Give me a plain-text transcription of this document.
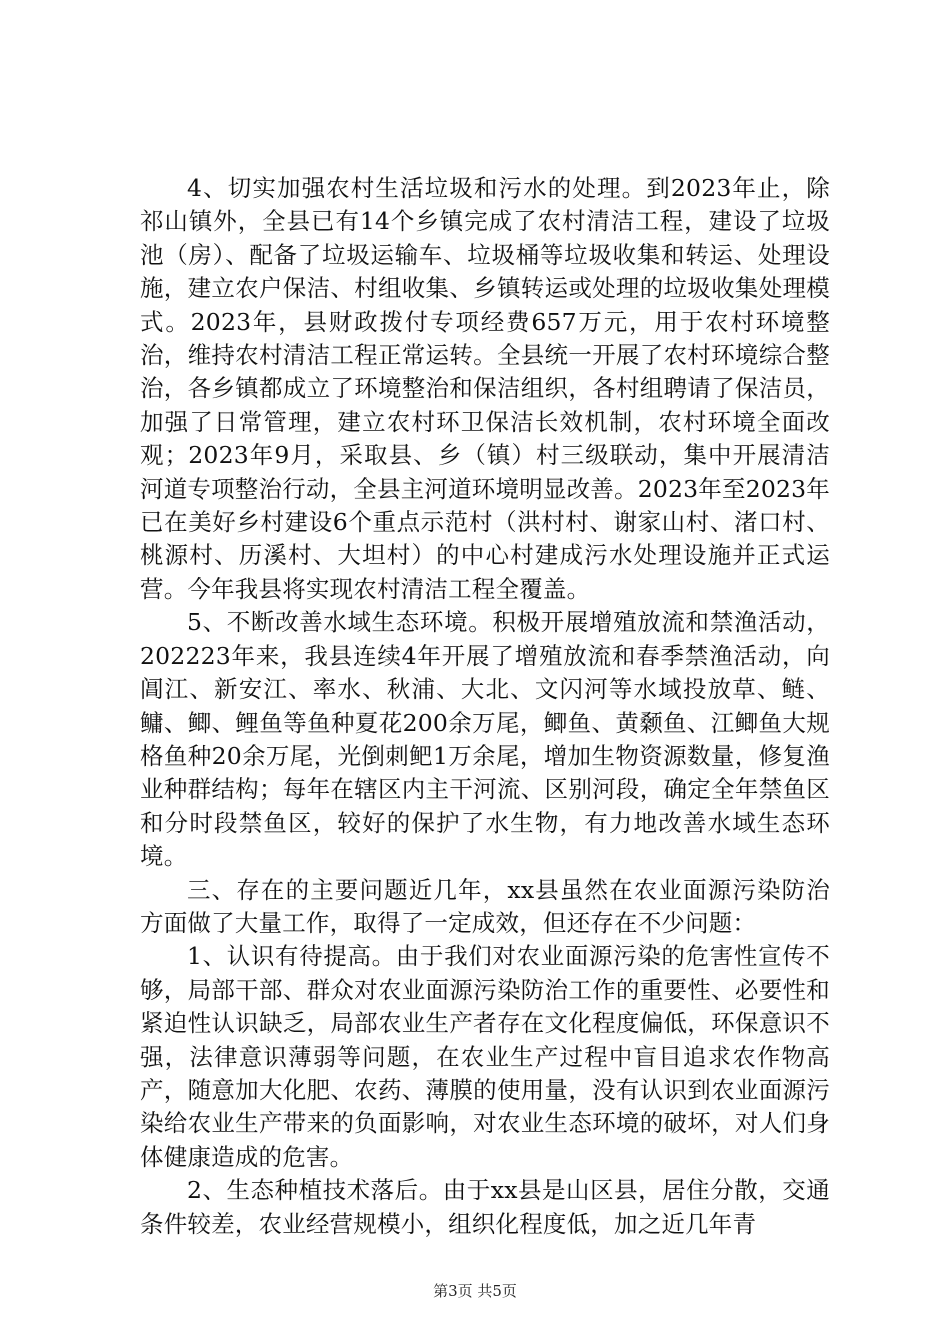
4、切实加强农村生活垃圾和污水的处理。到2023年止，除祁山镇外，全县已有14个乡镇完成了农村清洁工程，建设了垃圾池（房）、配备了垃圾运输车、垃圾桶等垃圾收集和转运、处理设施，建立农户保洁、村组收集、乡镇转运或处理的垃圾收集处理模式。2023年，县财政拨付专项经费657万元，用于农村环境整治，维持农村清洁工程正常运转。全县统一开展了农村环境综合整治，各乡镇都成立了环境整治和保洁组织，各村组聘请了保洁员，加强了日常管理，建立农村环卫保洁长效机制，农村环境全面改观；2023年9月，采取县、乡（镇）村三级联动，集中开展清洁河道专项整治行动，全县主河道环境明显改善。2023年至2023年已在美好乡村建设6个重点示范村（洪村村、谢家山村、渚口村、桃源村、历溪村、大坦村）的中心村建成污水处理设施并正式运营。今年我县将实现农村清洁工程全覆盖。

5、不断改善水域生态环境。积极开展增殖放流和禁渔活动，202223年来，我县连续4年开展了增殖放流和春季禁渔活动，向阊江、新安江、率水、秋浦、大北、文闪河等水域投放草、鲢、鳙、鲫、鲤鱼等鱼种夏花200余万尾，鲫鱼、黄颡鱼、江鲫鱼大规格鱼种20余万尾，光倒刺鲃1万余尾，增加生物资源数量，修复渔业种群结构；每年在辖区内主干河流、区别河段，确定全年禁鱼区和分时段禁鱼区，较好的保护了水生物，有力地改善水域生态环境。

三、存在的主要问题近几年，xx县虽然在农业面源污染防治方面做了大量工作，取得了一定成效，但还存在不少问题：

1、认识有待提高。由于我们对农业面源污染的危害性宣传不够，局部干部、群众对农业面源污染防治工作的重要性、必要性和紧迫性认识缺乏，局部农业生产者存在文化程度偏低，环保意识不强，法律意识薄弱等问题，在农业生产过程中盲目追求农作物高产，随意加大化肥、农药、薄膜的使用量，没有认识到农业面源污染给农业生产带来的负面影响，对农业生态环境的破坏，对人们身体健康造成的危害。

2、生态种植技术落后。由于xx县是山区县，居住分散，交通条件较差，农业经营规模小，组织化程度低，加之近几年青

第3页 共5页
